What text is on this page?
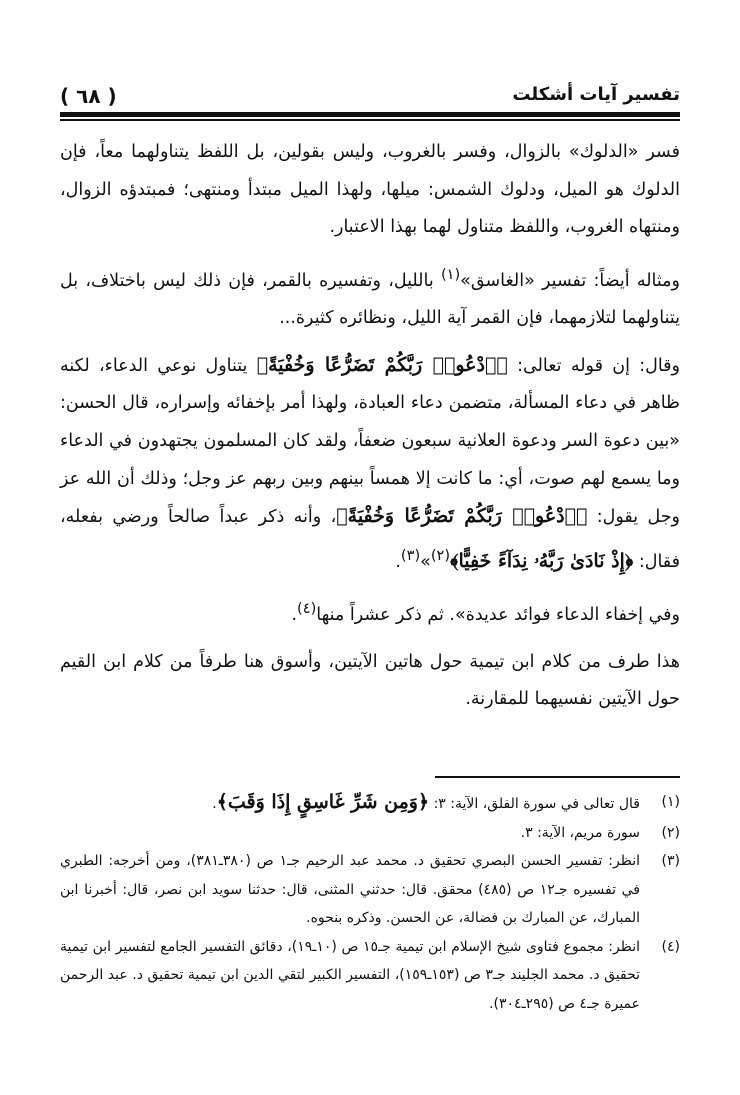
تفسير آيات أشكلت
( ٦٨ )

فسر «الدلوك» بالزوال، وفسر بالغروب، وليس بقولين، بل اللفظ يتناولهما معاً، فإن الدلوك هو الميل، ودلوك الشمس: ميلها، ولهذا الميل مبتدأ ومنتهى؛ فمبتدؤه الزوال، ومنتهاه الغروب، واللفظ متناول لهما بهذا الاعتبار.

ومثاله أيضاً: تفسير «الغاسق»$^{(١)}$ بالليل، وتفسيره بالقمر، فإن ذلك ليس باختلاف، بل يتناولهما لتلازمهما، فإن القمر آية الليل، ونظائره كثيرة...

وقال: إن قوله تعالى: ﴿ٱدْعُوا۟ رَبَّكُمْ تَضَرُّعًا وَخُفْيَةً﴾ يتناول نوعي الدعاء، لكنه ظاهر في دعاء المسألة، متضمن دعاء العبادة، ولهذا أمر بإخفائه وإسراره، قال الحسن: «بين دعوة السر ودعوة العلانية سبعون ضعفاً، ولقد كان المسلمون يجتهدون في الدعاء وما يسمع لهم صوت، أي: ما كانت إلا همساً بينهم وبين ربهم عز وجل؛ وذلك أن الله عز وجل يقول: ﴿ٱدْعُوا۟ رَبَّكُمْ تَضَرُّعًا وَخُفْيَةً﴾، وأنه ذكر عبداً صالحاً ورضي بفعله، فقال: ﴿إِذْ نَادَىٰ رَبَّهُۥ نِدَآءً خَفِيًّا﴾$^{(٢)}$»$^{(٣)}$.

وفي إخفاء الدعاء فوائد عديدة». ثم ذكر عشراً منها$^{(٤)}$.

هذا طرف من كلام ابن تيمية حول هاتين الآيتين، وأسوق هنا طرفاً من كلام ابن القيم حول الآيتين نفسيهما للمقارنة.

(١)
قال تعالى في سورة الفلق، الآية: ٣: ﴿وَمِن شَرِّ غَاسِقٍ إِذَا وَقَبَ﴾.
(٢)
سورة مريم، الآية: ٣.
(٣)
انظر: تفسير الحسن البصري تحقيق د. محمد عبد الرحيم جـ١ ص (٣٨٠ـ٣٨١)، ومن أخرجه: الطبري في تفسيره جـ١٢ ص (٤٨٥) محقق. قال: حدثني المثنى، قال: حدثنا سويد ابن نصر، قال: أخبرنا ابن المبارك، عن المبارك بن فضالة، عن الحسن. وذكره بنحوه.
(٤)
انظر: مجموع فتاوى شيخ الإسلام ابن تيمية جـ١٥ ص (١٠ـ١٩)، دقائق التفسير الجامع لتفسير ابن تيمية تحقيق د. محمد الجليند جـ٣ ص (١٥٣ـ١٥٩)، التفسير الكبير لتقي الدين ابن تيمية تحقيق د. عبد الرحمن عميرة جـ٤ ص (٢٩٥ـ٣٠٤).
